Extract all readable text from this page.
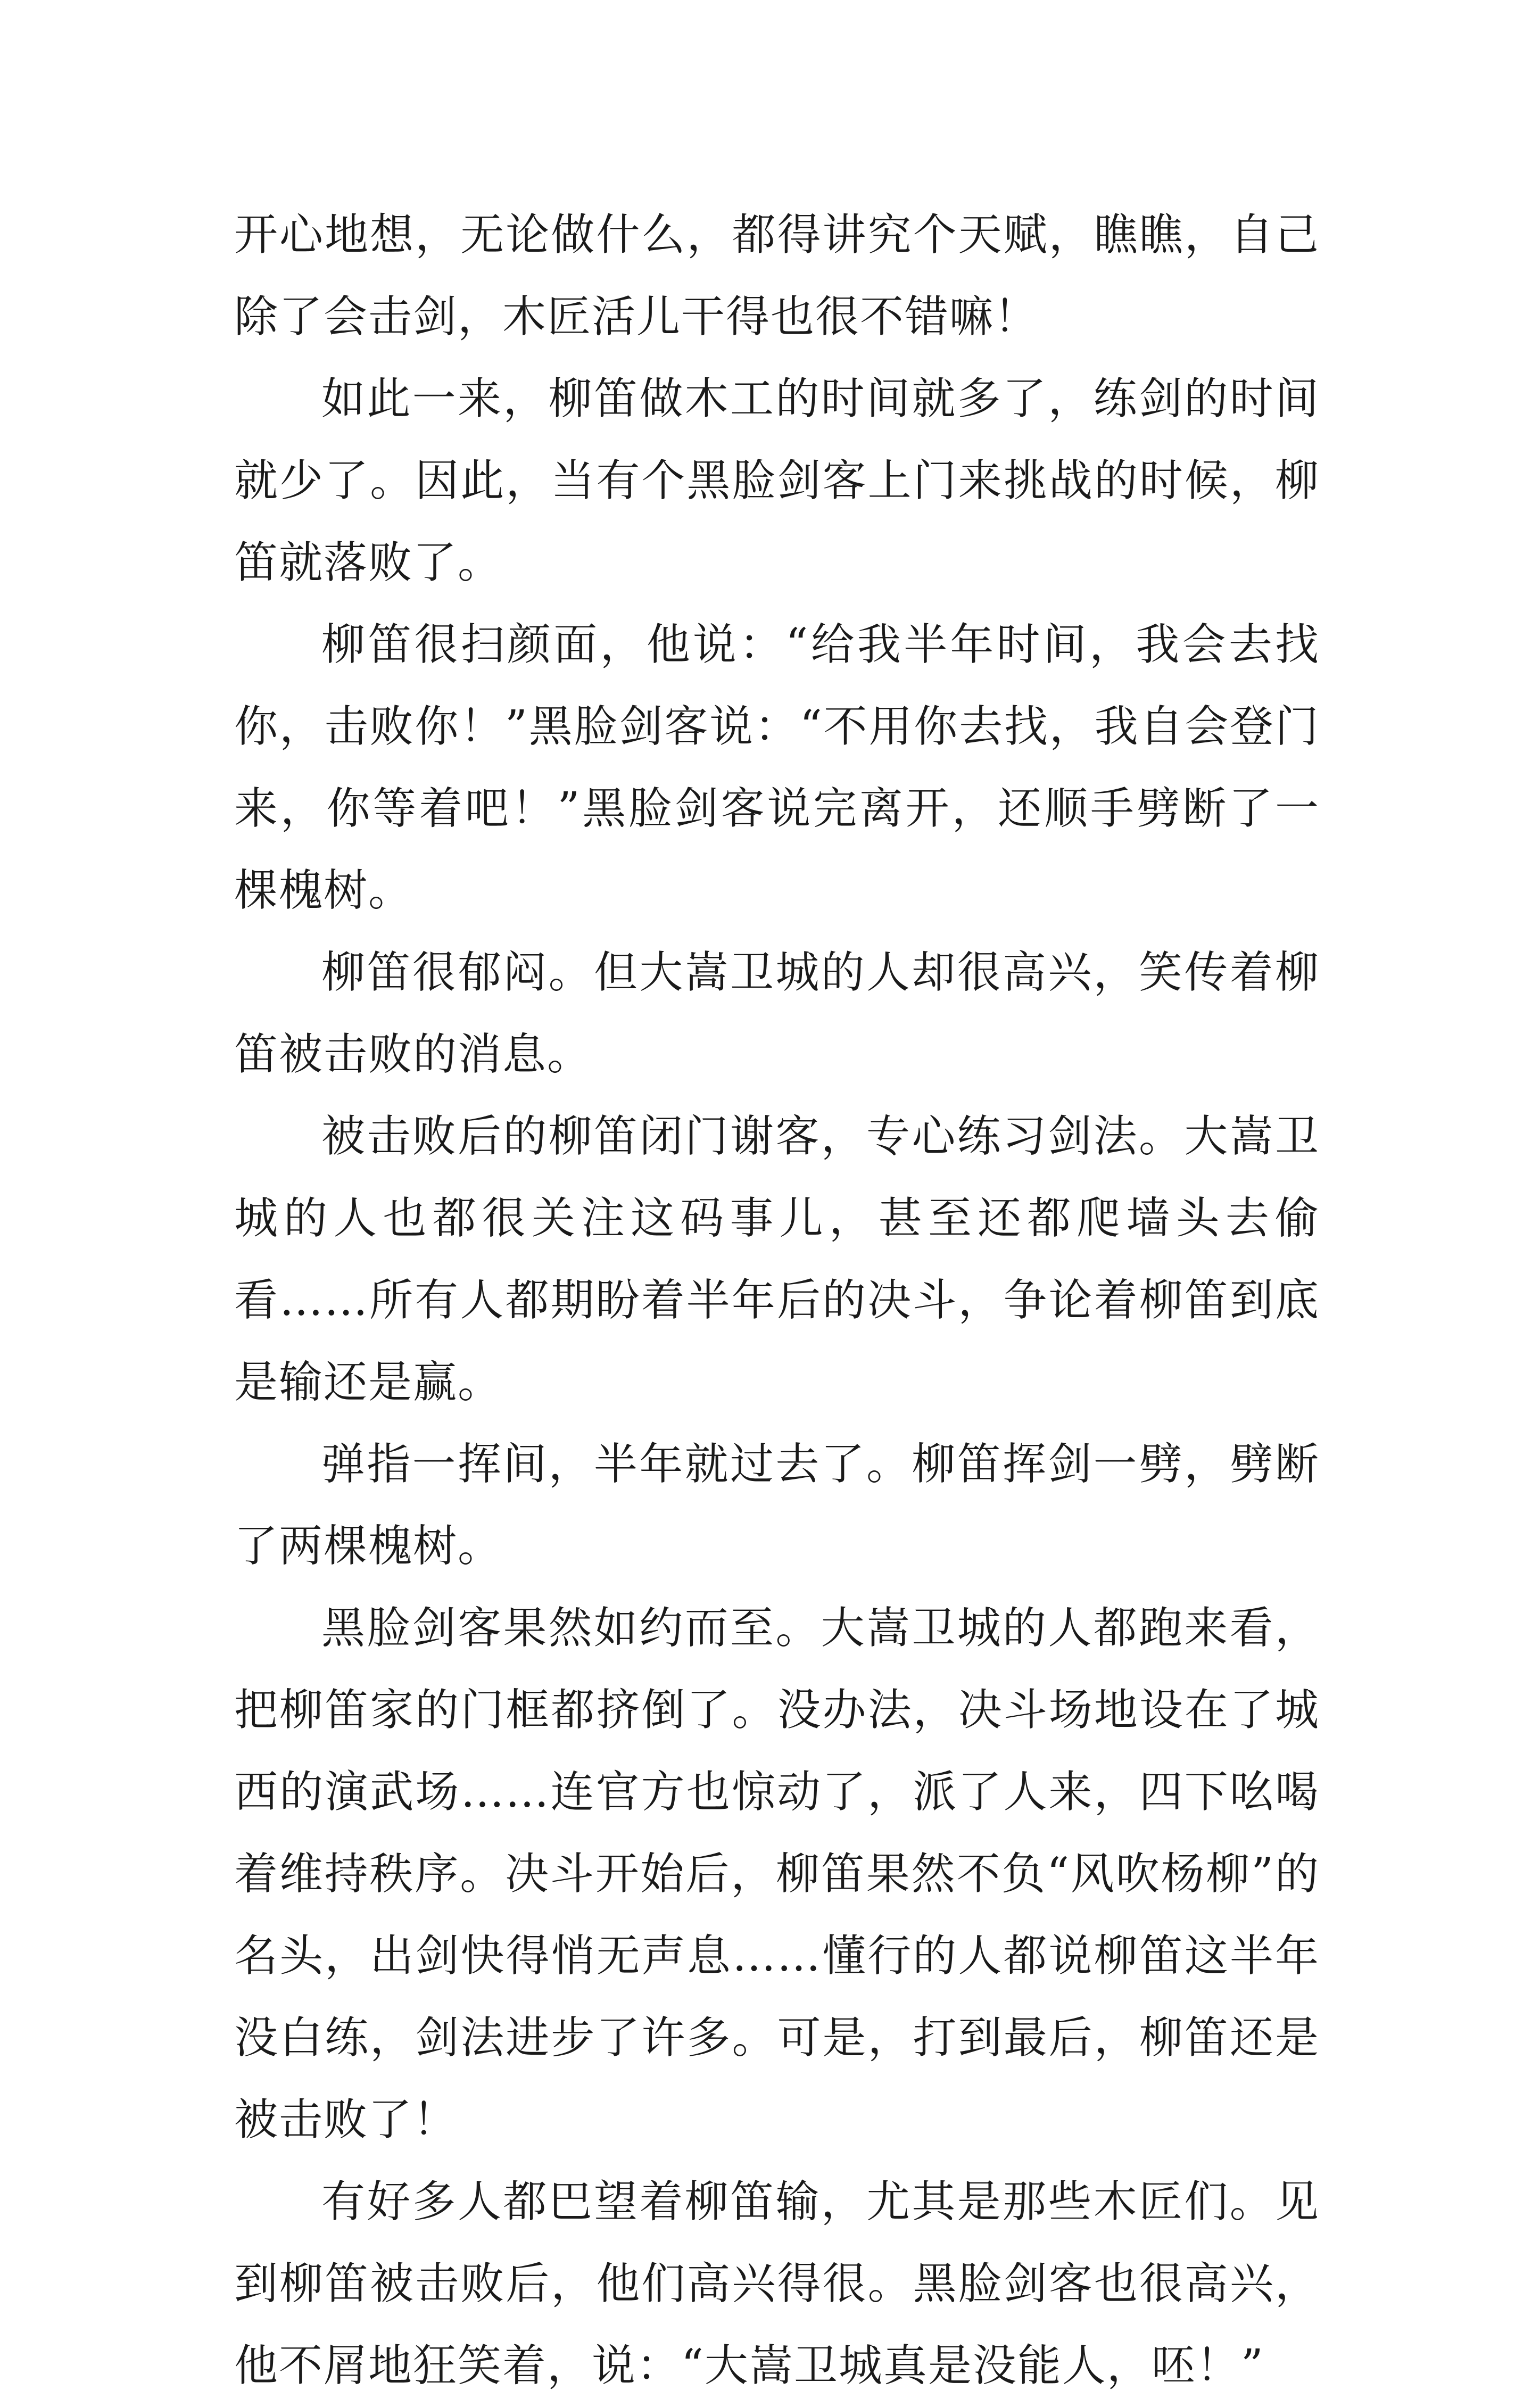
开心地想，无论做什么，都得讲究个天赋，瞧瞧，自己除了会击剑，木匠活儿干得也很不错嘛！

如此一来，柳笛做木工的时间就多了，练剑的时间就少了。因此，当有个黑脸剑客上门来挑战的时候，柳笛就落败了。

柳笛很扫颜面，他说：“给我半年时间，我会去找你，击败你！”黑脸剑客说：“不用你去找，我自会登门来，你等着吧！”黑脸剑客说完离开，还顺手劈断了一棵槐树。

柳笛很郁闷。但大嵩卫城的人却很高兴，笑传着柳笛被击败的消息。

被击败后的柳笛闭门谢客，专心练习剑法。大嵩卫城的人也都很关注这码事儿，甚至还都爬墙头去偷看……所有人都期盼着半年后的决斗，争论着柳笛到底是输还是赢。

弹指一挥间，半年就过去了。柳笛挥剑一劈，劈断了两棵槐树。

黑脸剑客果然如约而至。大嵩卫城的人都跑来看，把柳笛家的门框都挤倒了。没办法，决斗场地设在了城西的演武场……连官方也惊动了，派了人来，四下吆喝着维持秩序。决斗开始后，柳笛果然不负“风吹杨柳”的名头，出剑快得悄无声息……懂行的人都说柳笛这半年没白练，剑法进步了许多。可是，打到最后，柳笛还是被击败了！

有好多人都巴望着柳笛输，尤其是那些木匠们。见到柳笛被击败后，他们高兴得很。黑脸剑客也很高兴，他不屑地狂笑着，说：“大嵩卫城真是没能人，呸！”
